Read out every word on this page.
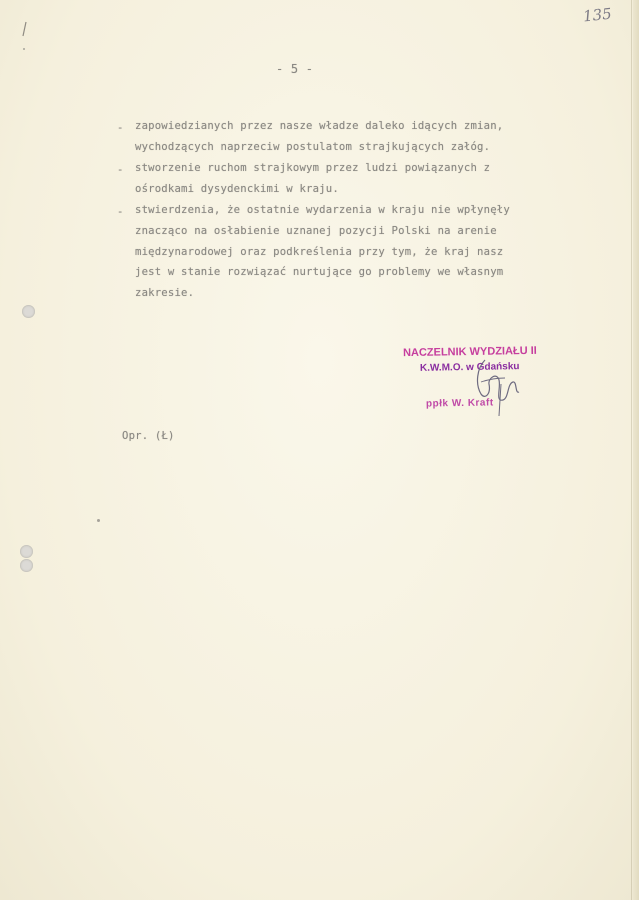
135
- 5 -
- zapowiedzianych przez nasze władze daleko idących zmian,
wychodzących naprzeciw postulatom strajkujących załóg.
- stworzenie ruchom strajkowym przez ludzi powiązanych z
ośrodkami dysydenckimi w kraju.
- stwierdzenia, że ostatnie wydarzenia w kraju nie wpłynęły
znacząco na osłabienie uznanej pozycji Polski na arenie
międzynarodowej oraz podkreślenia przy tym, że kraj nasz
jest w stanie rozwiązać nurtujące go problemy we własnym
zakresie.
NACZELNIK WYDZIAŁU II
K.W.M.O. w Gdańsku
ppłk W. Kraft
Opr. (Ł)
